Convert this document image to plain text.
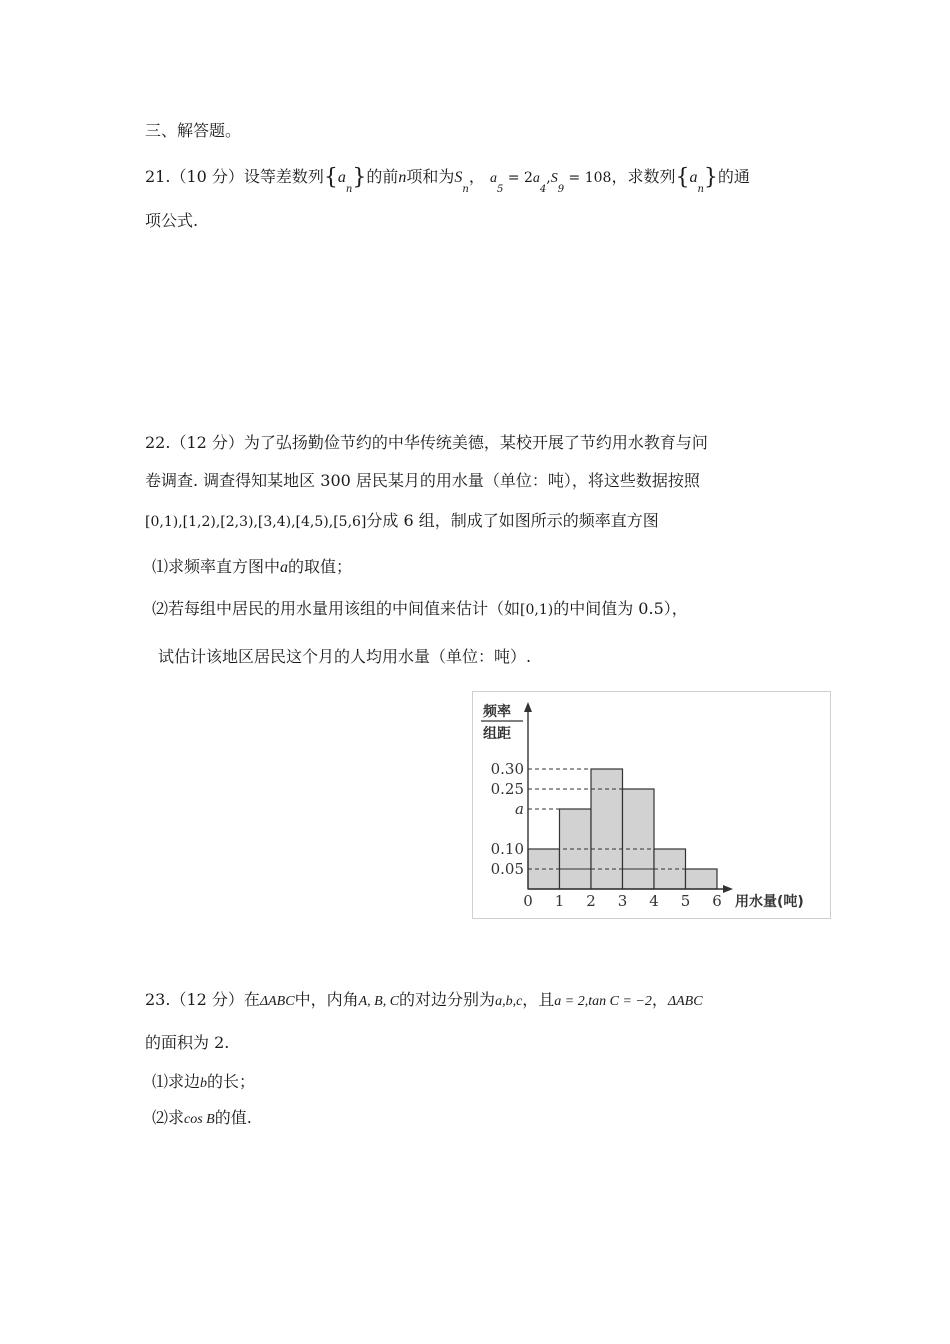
三、解答题。
21.（10 分）设等差数列$\{a_n\}$的前n项和为$S_n$， $a_5 = 2a_4,S_9 = 108$，求数列$\{a_n\}$的通
项公式.
22.（12 分）为了弘扬勤俭节约的中华传统美德，某校开展了节约用水教育与问
卷调查. 调查得知某地区 300 居民某月的用水量（单位：吨），将这些数据按照
[0,1),[1,2),[2,3),[3,4),[4,5),[5,6]分成 6 组，制成了如图所示的频率直方图
⑴求频率直方图中a的取值；
⑵若每组中居民的用水量用该组的中间值来估计（如[0,1)的中间值为 0.5），
试估计该地区居民这个月的人均用水量（单位：吨）.
0.30
0.25
a
0.10
0.05
0 1 2 3 4 5 6
频率
组距
用水量(吨)
23.（12 分）在ΔABC中，内角A, B, C的对边分别为a,b,c，且a = 2,tan C = −2，ΔABC
的面积为 2.
⑴求边b的长；
⑵求cos B的值.
